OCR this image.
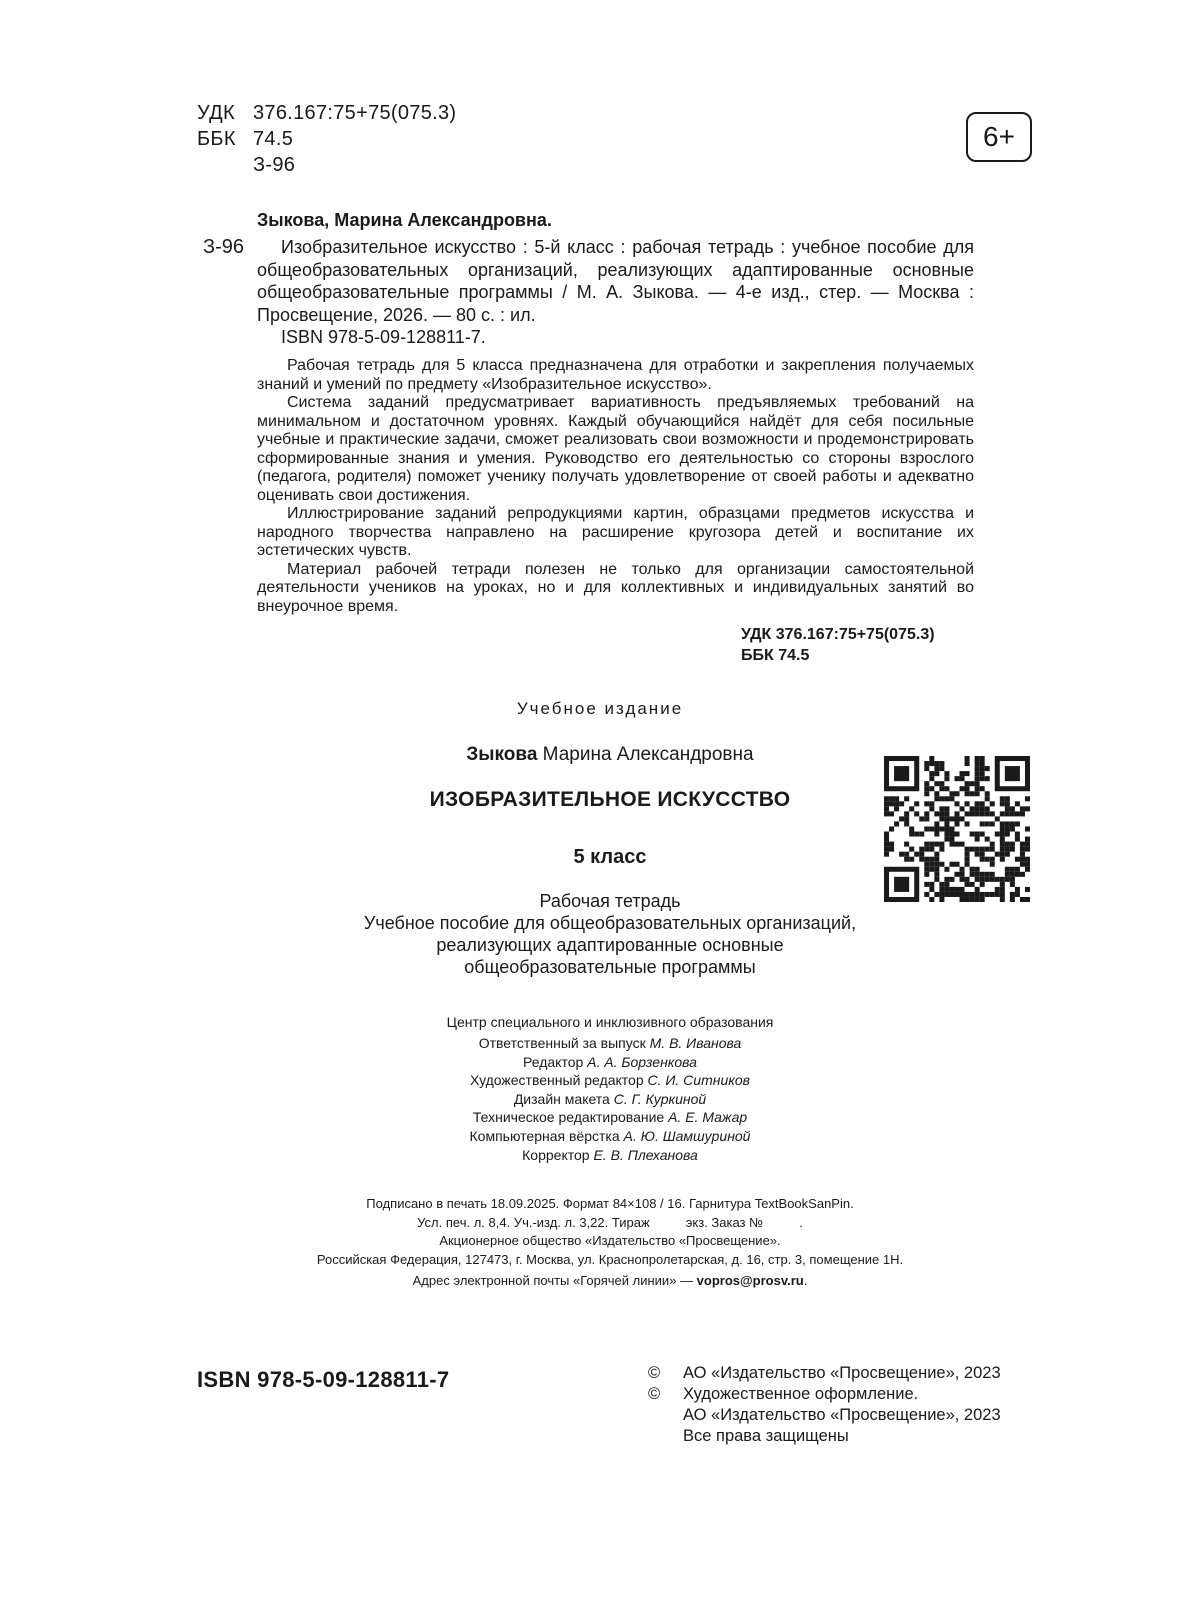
УДК 376.167:75+75(075.3)
ББК 74.5
З-96
6+
Зыкова, Марина Александровна.
З-96	Изобразительное искусство : 5-й класс : рабочая тетрадь : учебное пособие для общеобразовательных организаций, реализующих адаптированные основные общеобразовательные программы / М. А. Зыкова. — 4-е изд., стер. — Москва : Просвещение, 2026. — 80 с. : ил.

ISBN 978-5-09-128811-7.

Рабочая тетрадь для 5 класса предназначена для отработки и закрепления получаемых знаний и умений по предмету «Изобразительное искусство».

Система заданий предусматривает вариативность предъявляемых требований на минимальном и достаточном уровнях. Каждый обучающийся найдёт для себя посильные учебные и практические задачи, сможет реализовать свои возможности и продемонстрировать сформированные знания и умения. Руководство его деятельностью со стороны взрослого (педагога, родителя) поможет ученику получать удовлетворение от своей работы и адекватно оценивать свои достижения.

Иллюстрирование заданий репродукциями картин, образцами предметов искусства и народного творчества направлено на расширение кругозора детей и воспитание их эстетических чувств.

Материал рабочей тетради полезен не только для организации самостоятельной деятельности учеников на уроках, но и для коллективных и индивидуальных занятий во внеурочное время.

УДК 376.167:75+75(075.3)
ББК 74.5
Учебное издание
Зыкова Марина Александровна
ИЗОБРАЗИТЕЛЬНОЕ ИСКУССТВО
5 класс
Рабочая тетрадь
Учебное пособие для общеобразовательных организаций,
реализующих адаптированные основные
общеобразовательные программы
Центр специального и инклюзивного образования
Ответственный за выпуск М. В. Иванова
Редактор А. А. Борзенкова
Художественный редактор С. И. Ситников
Дизайн макета С. Г. Куркиной
Техническое редактирование А. Е. Мажар
Компьютерная вёрстка А. Ю. Шамшуриной
Корректор Е. В. Плеханова
Подписано в печать 18.09.2025. Формат 84×108 / 16. Гарнитура TextBookSanPin.
Усл. печ. л. 8,4. Уч.-изд. л. 3,22. Тираж          экз. Заказ №          .
Акционерное общество «Издательство «Просвещение».
Российская Федерация, 127473, г. Москва, ул. Краснопролетарская, д. 16, стр. 3, помещение 1Н.
Адрес электронной почты «Горячей линии» — vopros@prosv.ru.
ISBN 978-5-09-128811-7	©	АО «Издательство «Просвещение», 2023
©	Художественное оформление.
АО «Издательство «Просвещение», 2023
Все права защищены
